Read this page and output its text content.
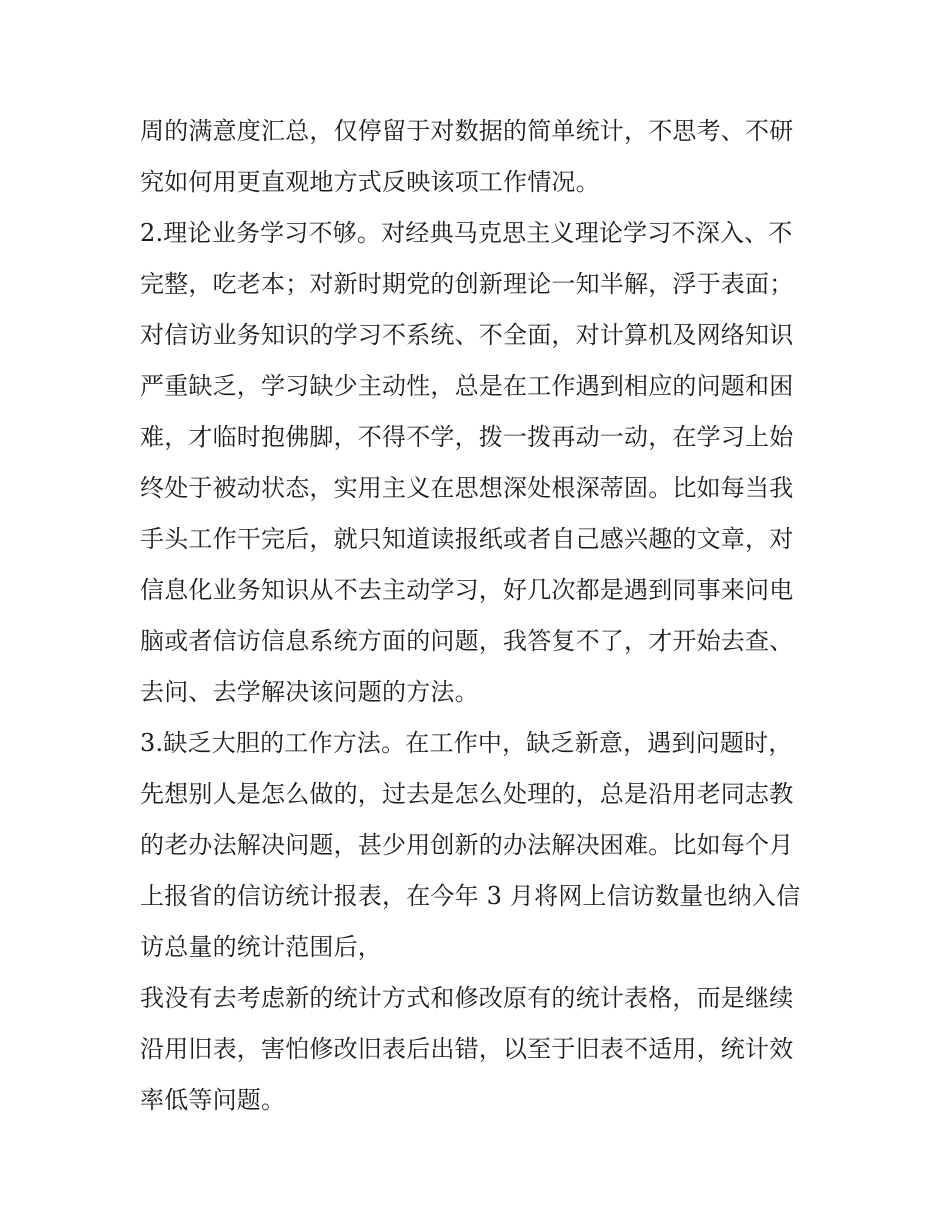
周的满意度汇总，仅停留于对数据的简单统计，不思考、不研
究如何用更直观地方式反映该项工作情况。
2.理论业务学习不够。对经典马克思主义理论学习不深入、不
完整，吃老本；对新时期党的创新理论一知半解，浮于表面；
对信访业务知识的学习不系统、不全面，对计算机及网络知识
严重缺乏，学习缺少主动性，总是在工作遇到相应的问题和困
难，才临时抱佛脚，不得不学，拨一拨再动一动，在学习上始
终处于被动状态，实用主义在思想深处根深蒂固。比如每当我
手头工作干完后，就只知道读报纸或者自己感兴趣的文章，对
信息化业务知识从不去主动学习，好几次都是遇到同事来问电
脑或者信访信息系统方面的问题，我答复不了，才开始去查、
去问、去学解决该问题的方法。
3.缺乏大胆的工作方法。在工作中，缺乏新意，遇到问题时，
先想别人是怎么做的，过去是怎么处理的，总是沿用老同志教
的老办法解决问题，甚少用创新的办法解决困难。比如每个月
上报省的信访统计报表，在今年 3 月将网上信访数量也纳入信
访总量的统计范围后，
我没有去考虑新的统计方式和修改原有的统计表格，而是继续
沿用旧表，害怕修改旧表后出错，以至于旧表不适用，统计效
率低等问题。
